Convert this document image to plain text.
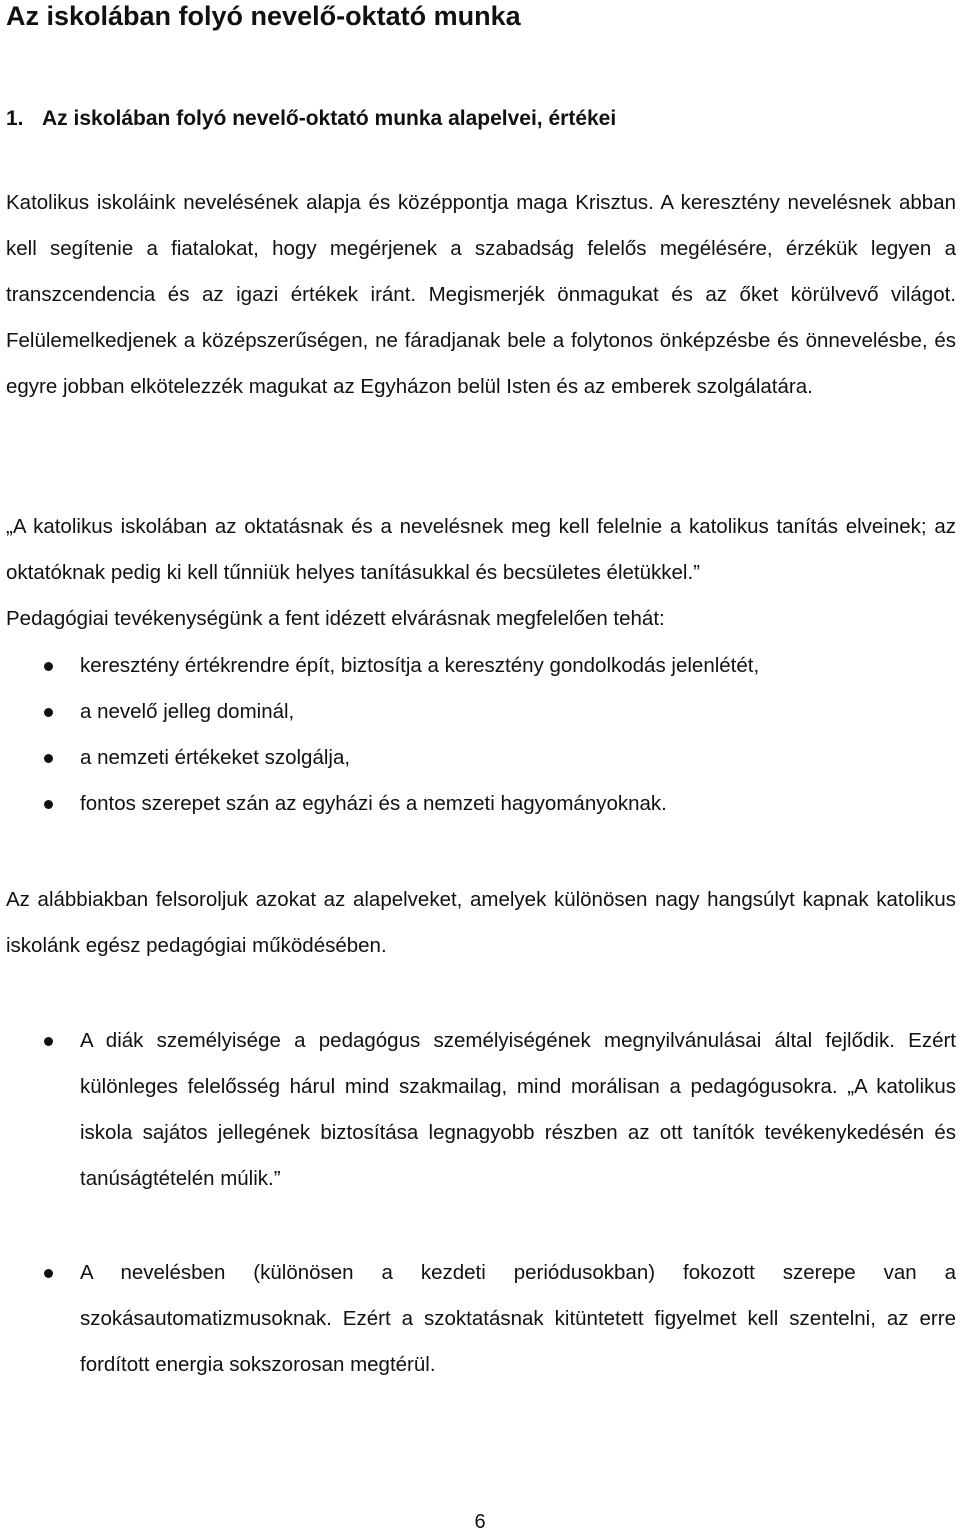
Az iskolában folyó nevelő-oktató munka
1. Az iskolában folyó nevelő-oktató munka alapelvei, értékei

Katolikus iskoláink nevelésének alapja és középpontja maga Krisztus. A keresztény nevelésnek abban kell segítenie a fiatalokat, hogy megérjenek a szabadság felelős megélésére, érzékük legyen a transzcendencia és az igazi értékek iránt. Megismerjék önmagukat és az őket körülvevő világot. Felülemelkedjenek a középszerűségen, ne fáradjanak bele a folytonos önképzésbe és önnevelésbe, és egyre jobban elkötelezzék magukat az Egyházon belül Isten és az emberek szolgálatára.

„A katolikus iskolában az oktatásnak és a nevelésnek meg kell felelnie a katolikus tanítás elveinek; az oktatóknak pedig ki kell tűnniük helyes tanításukkal és becsületes életükkel.”

Pedagógiai tevékenységünk a fent idézett elvárásnak megfelelően tehát:

keresztény értékrendre épít, biztosítja a keresztény gondolkodás jelenlétét,
a nevelő jelleg dominál,
a nemzeti értékeket szolgálja,
fontos szerepet szán az egyházi és a nemzeti hagyományoknak.

Az alábbiakban felsoroljuk azokat az alapelveket, amelyek különösen nagy hangsúlyt kapnak katolikus iskolánk egész pedagógiai működésében.

A diák személyisége a pedagógus személyiségének megnyilvánulásai által fejlődik. Ezért különleges felelősség hárul mind szakmailag, mind morálisan a pedagógusokra. „A katolikus iskola sajátos jellegének biztosítása legnagyobb részben az ott tanítók tevékenykedésén és tanúságtételén múlik.”
A nevelésben (különösen a kezdeti periódusokban) fokozott szerepe van a szokásautomatizmusoknak. Ezért a szoktatásnak kitüntetett figyelmet kell szentelni, az erre fordított energia sokszorosan megtérül.
6
